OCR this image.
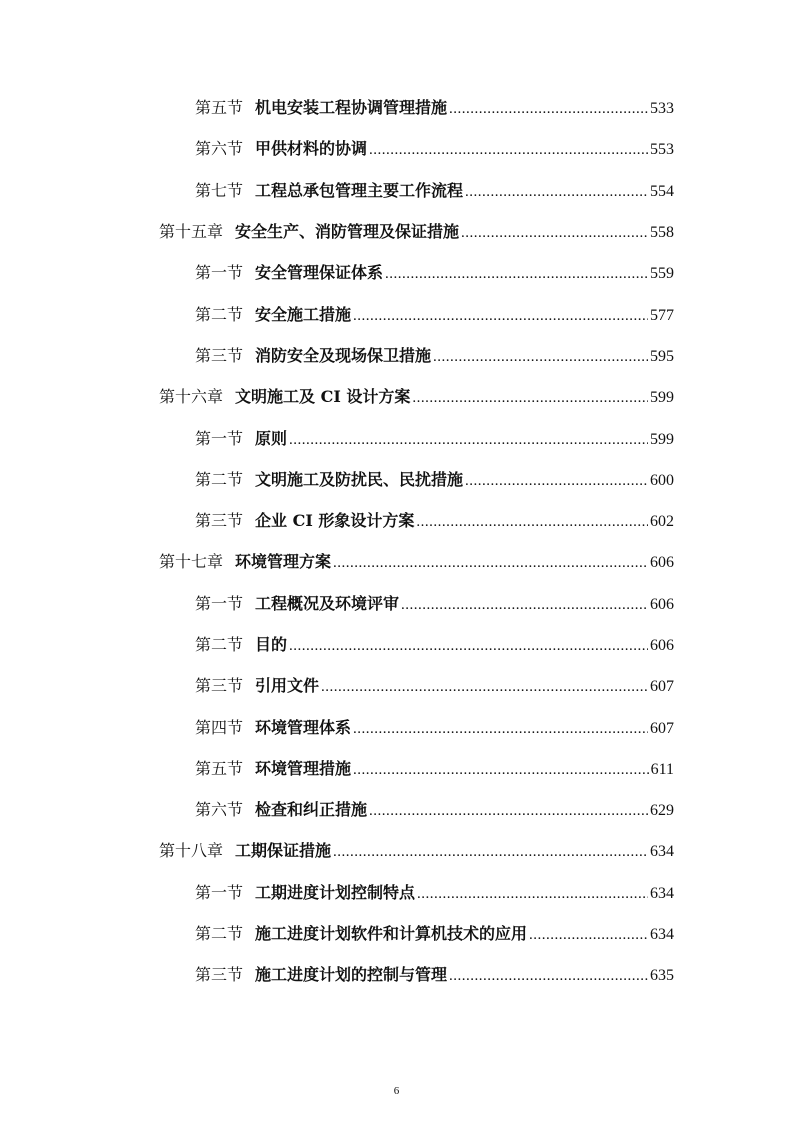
第五节 机电安装工程协调管理措施 .....	533
第六节 甲供材料的协调 .....	553
第七节 工程总承包管理主要工作流程 .....	554
第十五章 安全生产、消防管理及保证措施 .....	558
第一节 安全管理保证体系 .....	559
第二节 安全施工措施 .....	577
第三节 消防安全及现场保卫措施 .....	595
第十六章 文明施工及 CI 设计方案 .....	599
第一节 原则 .....	599
第二节 文明施工及防扰民、民扰措施 .....	600
第三节 企业 CI 形象设计方案 .....	602
第十七章 环境管理方案 .....	606
第一节 工程概况及环境评审 .....	606
第二节 目的 .....	606
第三节 引用文件 .....	607
第四节 环境管理体系 .....	607
第五节 环境管理措施 .....	611
第六节 检查和纠正措施 .....	629
第十八章 工期保证措施 .....	634
第一节 工期进度计划控制特点 .....	634
第二节 施工进度计划软件和计算机技术的应用 .....	634
第三节 施工进度计划的控制与管理 .....	635
6
